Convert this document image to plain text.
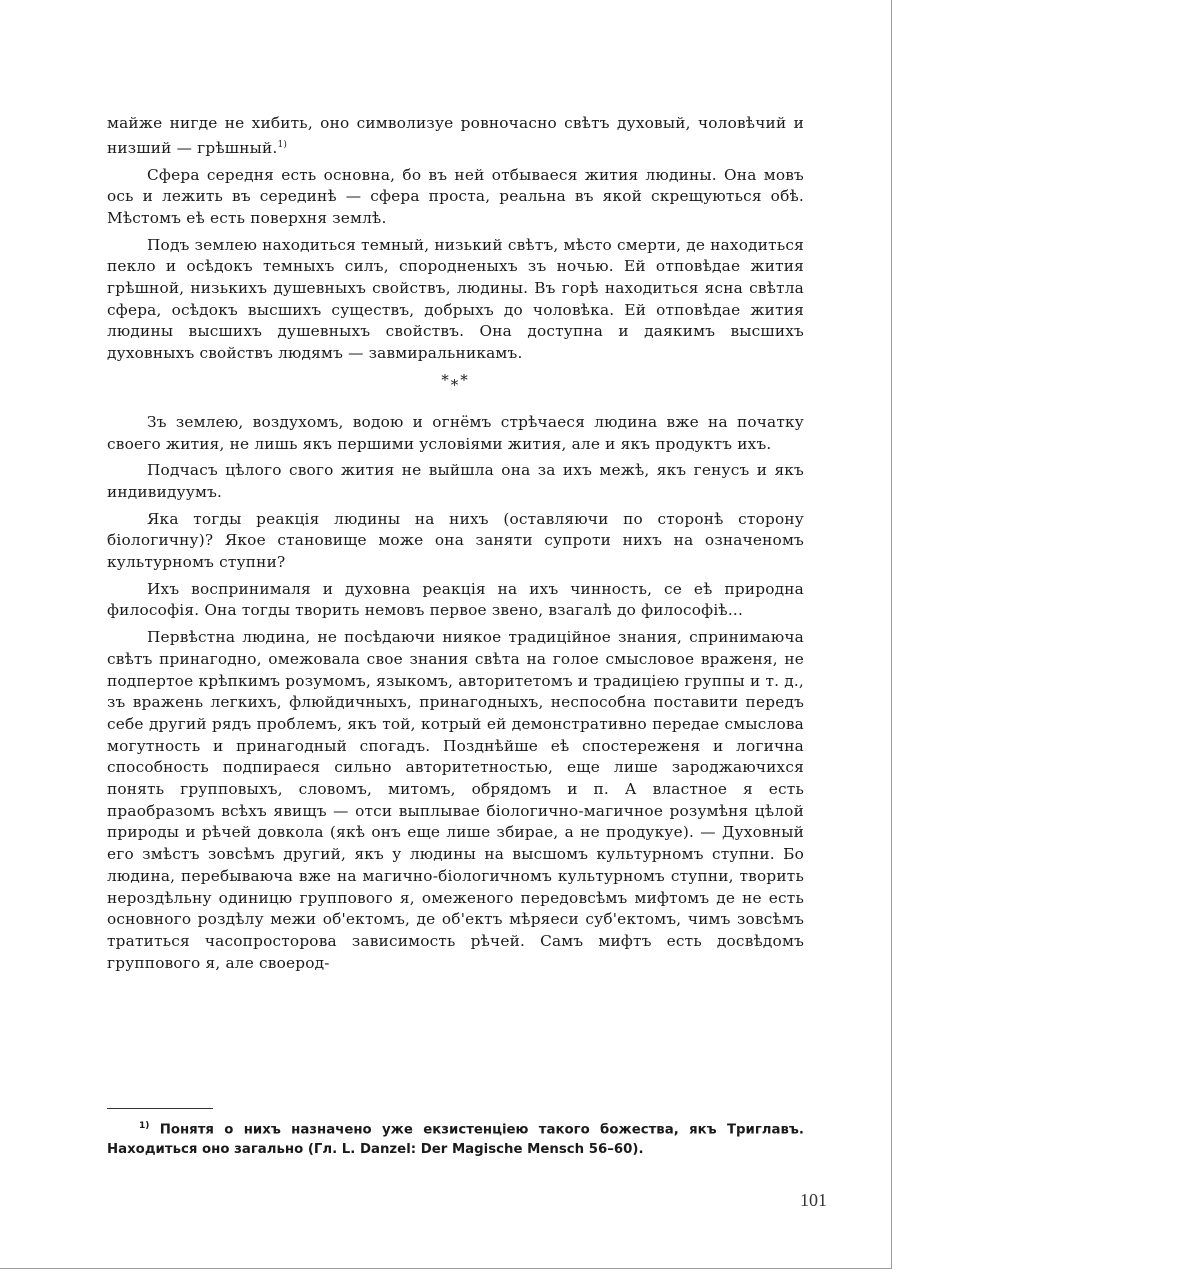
майже нигде не хибить, оно символизуе ровночасно свѣтъ духовый, чоловѣчий и низший — грѣшный.$^{1)}$

Сфера середня есть основна, бо въ ней отбываеся жития людины. Она мовъ ось и лежить въ серединѣ — сфера проста, реальна въ якой скрещуються обѣ. Мѣстомъ еѣ есть поверхня землѣ.

Подъ землею находиться темный, низький свѣтъ, мѣсто смерти, де находиться пекло и осѣдокъ темныхъ силъ, спородненыхъ зъ ночью. Ей отповѣдае жития грѣшной, низькихъ душевныхъ свойствъ, людины. Въ горѣ находиться ясна свѣтла сфера, осѣдокъ высшихъ существъ, добрыхъ до чоловѣка. Ей отповѣдае жития людины высшихъ душевныхъ свойствъ. Она доступна и даякимъ высшихъ духовныхъ свойствъ людямъ — завмиральникамъ.

$*_**$

Зъ землею, воздухомъ, водою и огнёмъ стрѣчаеся людина вже на початку своего жития, не лишь якъ першими условіями жития, але и якъ продуктъ ихъ.

Подчасъ цѣлого свого жития не выйшла она за ихъ межѣ, якъ генусъ и якъ индивидуумъ.

Яка тогды реакція людины на нихъ (оставляючи по сторонѣ сторону біологичну)? Якое становище може она заняти супроти нихъ на означеномъ культурномъ ступни?

Ихъ воспринималя и духовна реакція на ихъ чинность, се еѣ природна философія. Она тогды творить немовъ первое звено, взагалѣ до философіѣ...

Первѣстна людина, не посѣдаючи ниякое традиційное знания, спринимаюча свѣтъ принагодно, омежовала свое знания свѣта на голое смысловое враженя, не подпертое крѣпкимъ розумомъ, языкомъ, авторитетомъ и традиціею группы и т. д., зъ вражень легкихъ, флюйдичныхъ, принагодныхъ, неспособна поставити передъ себе другий рядъ проблемъ, якъ той, котрый ей демонстративно передае смыслова могутность и принагодный спогадъ. Позднѣйше еѣ спостереженя и логична способность подпираеся сильно авторитетностью, еще лише зароджаючихся понять групповыхъ, словомъ, митомъ, обрядомъ и п. А властное я есть праобразомъ всѣхъ явищъ — отси выплывае біологично-магичное розумѣня цѣлой природы и рѣчей довкола (якѣ онъ еще лише збирае, а не продукуе). — Духовный его змѣстъ зовсѣмъ другий, якъ у людины на высшомъ культурномъ ступни. Бо людина, перебываюча вже на магично-біологичномъ культурномъ ступни, творить нероздѣльну одиницю группового я, омеженого передовсѣмъ мифтомъ де не есть основного роздѣлу межи об'ектомъ, де об'ектъ мѣряеси суб'ектомъ, чимъ зовсѣмъ тратиться часопросторова зависимость рѣчей. Самъ мифтъ есть досвѣдомъ группового я, але своерод-

$^{1)}$ Понятя о нихъ назначено уже екзистенціею такого божества, якъ Триглавъ. Находиться оно загально (Гл. L. Danzel: Der Magische Mensch 56–60).

101
